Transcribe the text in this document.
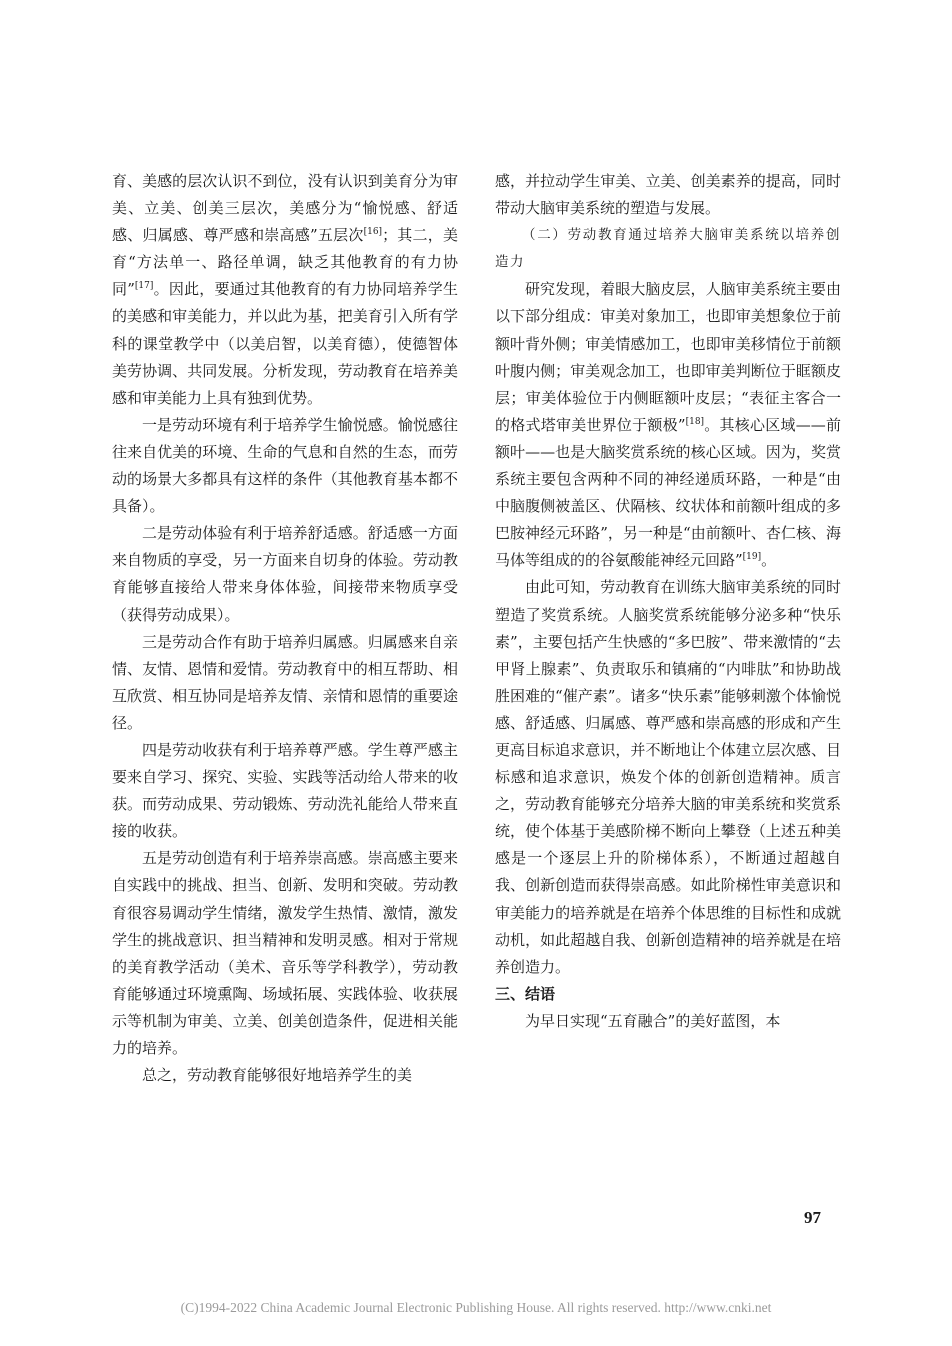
育、美感的层次认识不到位，没有认识到美育分为审美、立美、创美三层次，美感分为“愉悦感、舒适感、归属感、尊严感和崇高感”五层次[16]；其二，美育“方法单一、路径单调，缺乏其他教育的有力协同”[17]。因此，要通过其他教育的有力协同培养学生的美感和审美能力，并以此为基，把美育引入所有学科的课堂教学中（以美启智，以美育德），使德智体美劳协调、共同发展。分析发现，劳动教育在培养美感和审美能力上具有独到优势。

一是劳动环境有利于培养学生愉悦感。愉悦感往往来自优美的环境、生命的气息和自然的生态，而劳动的场景大多都具有这样的条件（其他教育基本都不具备）。

二是劳动体验有利于培养舒适感。舒适感一方面来自物质的享受，另一方面来自切身的体验。劳动教育能够直接给人带来身体体验，间接带来物质享受（获得劳动成果）。

三是劳动合作有助于培养归属感。归属感来自亲情、友情、恩情和爱情。劳动教育中的相互帮助、相互欣赏、相互协同是培养友情、亲情和恩情的重要途径。

四是劳动收获有利于培养尊严感。学生尊严感主要来自学习、探究、实验、实践等活动给人带来的收获。而劳动成果、劳动锻炼、劳动洗礼能给人带来直接的收获。

五是劳动创造有利于培养崇高感。崇高感主要来自实践中的挑战、担当、创新、发明和突破。劳动教育很容易调动学生情绪，激发学生热情、激情，激发学生的挑战意识、担当精神和发明灵感。相对于常规的美育教学活动（美术、音乐等学科教学），劳动教育能够通过环境熏陶、场域拓展、实践体验、收获展示等机制为审美、立美、创美创造条件，促进相关能力的培养。

总之，劳动教育能够很好地培养学生的美

感，并拉动学生审美、立美、创美素养的提高，同时带动大脑审美系统的塑造与发展。

（二）劳动教育通过培养大脑审美系统以培养创造力

研究发现，着眼大脑皮层，人脑审美系统主要由以下部分组成：审美对象加工，也即审美想象位于前额叶背外侧；审美情感加工，也即审美移情位于前额叶腹内侧；审美观念加工，也即审美判断位于眶额皮层；审美体验位于内侧眶额叶皮层；“表征主客合一的格式塔审美世界位于额极”[18]。其核心区域——前额叶——也是大脑奖赏系统的核心区域。因为，奖赏系统主要包含两种不同的神经递质环路，一种是“由中脑腹侧被盖区、伏隔核、纹状体和前额叶组成的多巴胺神经元环路”，另一种是“由前额叶、杏仁核、海马体等组成的的谷氨酸能神经元回路”[19]。

由此可知，劳动教育在训练大脑审美系统的同时塑造了奖赏系统。人脑奖赏系统能够分泌多种“快乐素”，主要包括产生快感的“多巴胺”、带来激情的“去甲肾上腺素”、负责取乐和镇痛的“内啡肽”和协助战胜困难的“催产素”。诸多“快乐素”能够刺激个体愉悦感、舒适感、归属感、尊严感和崇高感的形成和产生更高目标追求意识，并不断地让个体建立层次感、目标感和追求意识，焕发个体的创新创造精神。质言之，劳动教育能够充分培养大脑的审美系统和奖赏系统，使个体基于美感阶梯不断向上攀登（上述五种美感是一个逐层上升的阶梯体系），不断通过超越自我、创新创造而获得崇高感。如此阶梯性审美意识和审美能力的培养就是在培养个体思维的目标性和成就动机，如此超越自我、创新创造精神的培养就是在培养创造力。

三、结语

为早日实现“五育融合”的美好蓝图，本

97
(C)1994-2022 China Academic Journal Electronic Publishing House. All rights reserved. http://www.cnki.net
